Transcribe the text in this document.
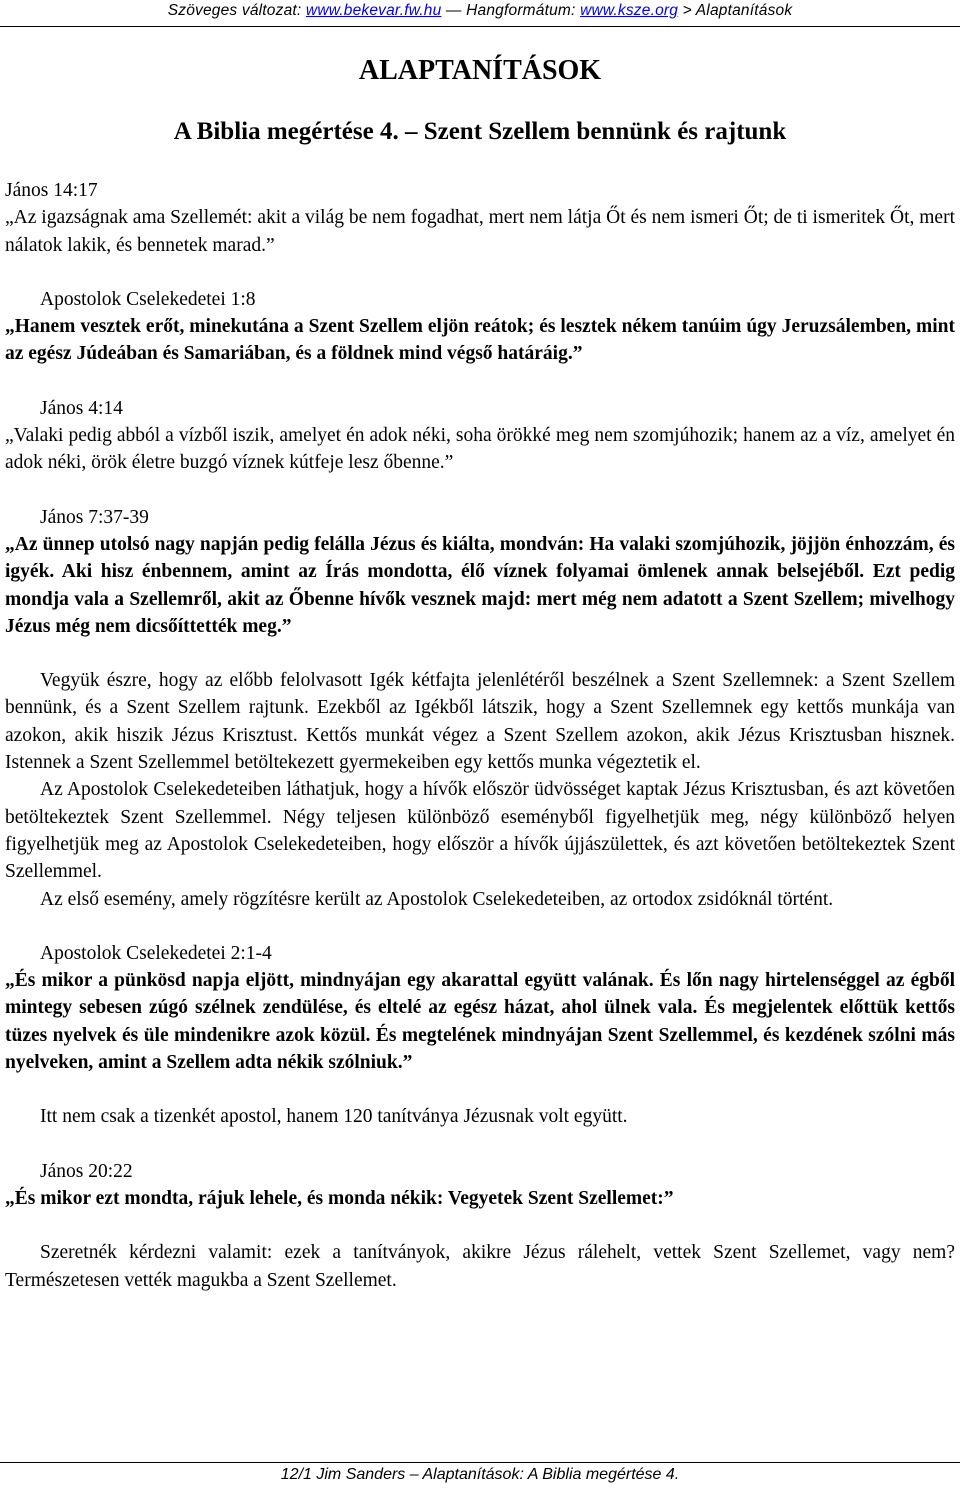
Szöveges változat: www.bekevar.fw.hu — Hangformátum: www.ksze.org > Alaptanítások
ALAPTANÍTÁSOK
A Biblia megértése 4. – Szent Szellem bennünk és rajtunk

János 14:17

„Az igazságnak ama Szellemét: akit a világ be nem fogadhat, mert nem látja Őt és nem ismeri Őt; de ti ismeritek Őt, mert nálatok lakik, és bennetek marad.”

Apostolok Cselekedetei 1:8

„Hanem vesztek erőt, minekutána a Szent Szellem eljön reátok; és lesztek nékem tanúim úgy Jeruzsálemben, mint az egész Júdeában és Samariában, és a földnek mind végső határáig.”

János 4:14

„Valaki pedig abból a vízből iszik, amelyet én adok néki, soha örökké meg nem szomjúhozik; hanem az a víz, amelyet én adok néki, örök életre buzgó víznek kútfeje lesz őbenne.”

János 7:37-39

„Az ünnep utolsó nagy napján pedig felálla Jézus és kiálta, mondván: Ha valaki szomjúhozik, jöjjön énhozzám, és igyék. Aki hisz énbennem, amint az Írás mondotta, élő víznek folyamai ömlenek annak belsejéből. Ezt pedig mondja vala a Szellemről, akit az Őbenne hívők vesznek majd: mert még nem adatott a Szent Szellem; mivelhogy Jézus még nem dicsőíttették meg.”

Vegyük észre, hogy az előbb felolvasott Igék kétfajta jelenlétéről beszélnek a Szent Szellemnek: a Szent Szellem bennünk, és a Szent Szellem rajtunk. Ezekből az Igékből látszik, hogy a Szent Szellemnek egy kettős munkája van azokon, akik hiszik Jézus Krisztust. Kettős munkát végez a Szent Szellem azokon, akik Jézus Krisztusban hisznek. Istennek a Szent Szellemmel betöltekezett gyermekeiben egy kettős munka végeztetik el.

Az Apostolok Cselekedeteiben láthatjuk, hogy a hívők először üdvösséget kaptak Jézus Krisztusban, és azt követően betöltekeztek Szent Szellemmel. Négy teljesen különböző eseményből figyelhetjük meg, négy különböző helyen figyelhetjük meg az Apostolok Cselekedeteiben, hogy először a hívők újjászülettek, és azt követően betöltekeztek Szent Szellemmel.

Az első esemény, amely rögzítésre került az Apostolok Cselekedeteiben, az ortodox zsidóknál történt.

Apostolok Cselekedetei 2:1-4

„És mikor a pünkösd napja eljött, mindnyájan egy akarattal együtt valának. És lőn nagy hirtelenséggel az égből mintegy sebesen zúgó szélnek zendülése, és eltelé az egész házat, ahol ülnek vala. És megjelentek előttük kettős tüzes nyelvek és üle mindenikre azok közül. És megtelének mindnyájan Szent Szellemmel, és kezdének szólni más nyelveken, amint a Szellem adta nékik szólniuk.”

Itt nem csak a tizenkét apostol, hanem 120 tanítványa Jézusnak volt együtt.

János 20:22

„És mikor ezt mondta, rájuk lehele, és monda nékik: Vegyetek Szent Szellemet:”

Szeretnék kérdezni valamit: ezek a tanítványok, akikre Jézus rálehelt, vettek Szent Szellemet, vagy nem? Természetesen vették magukba a Szent Szellemet.

12/1 Jim Sanders – Alaptanítások: A Biblia megértése 4.
